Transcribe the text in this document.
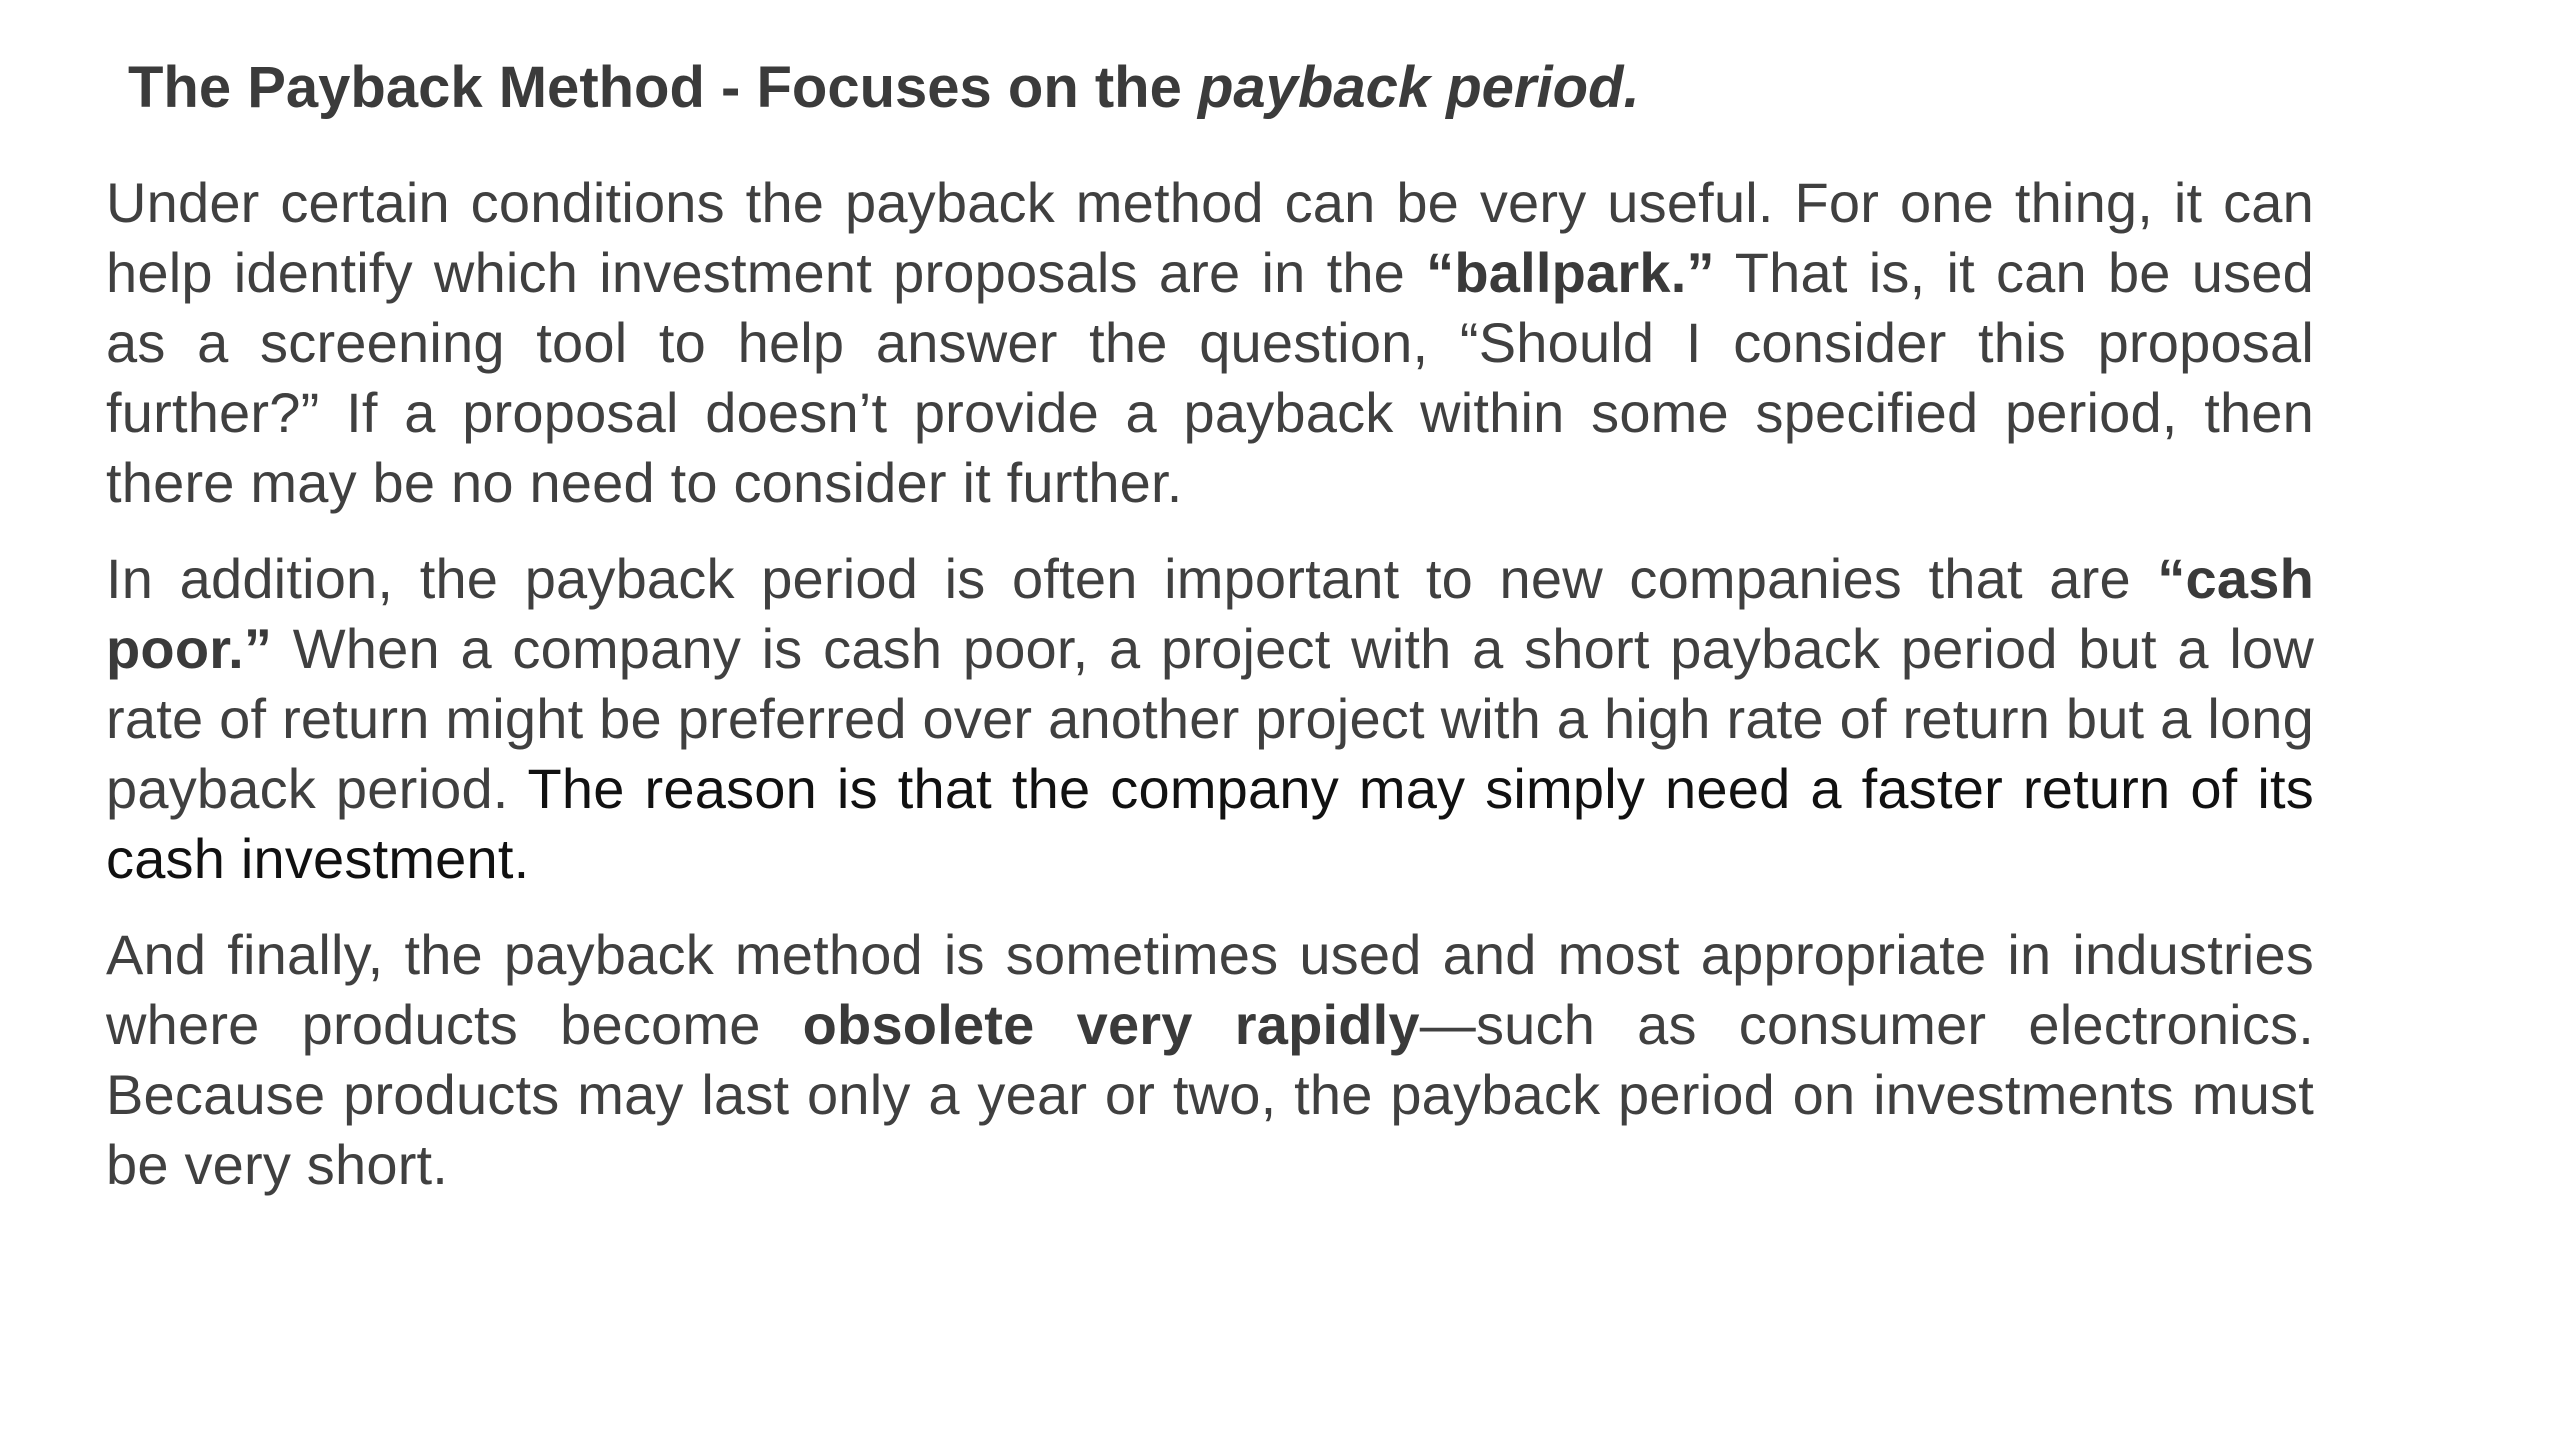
The Payback Method - Focuses on the payback period.

Under certain conditions the payback method can be very useful. For one thing, it can help identify which investment proposals are in the “ballpark.” That is, it can be used as a screening tool to help answer the question, “Should I consider this proposal further?” If a proposal doesn’t provide a payback within some specified period, then there may be no need to consider it further.

In addition, the payback period is often important to new companies that are “cash poor.” When a company is cash poor, a project with a short payback period but a low rate of return might be preferred over another project with a high rate of return but a long payback period. The reason is that the company may simply need a faster return of its cash investment.

And finally, the payback method is sometimes used and most appropriate in industries where products become obsolete very rapidly—such as consumer electronics. Because products may last only a year or two, the payback period on investments must be very short.
